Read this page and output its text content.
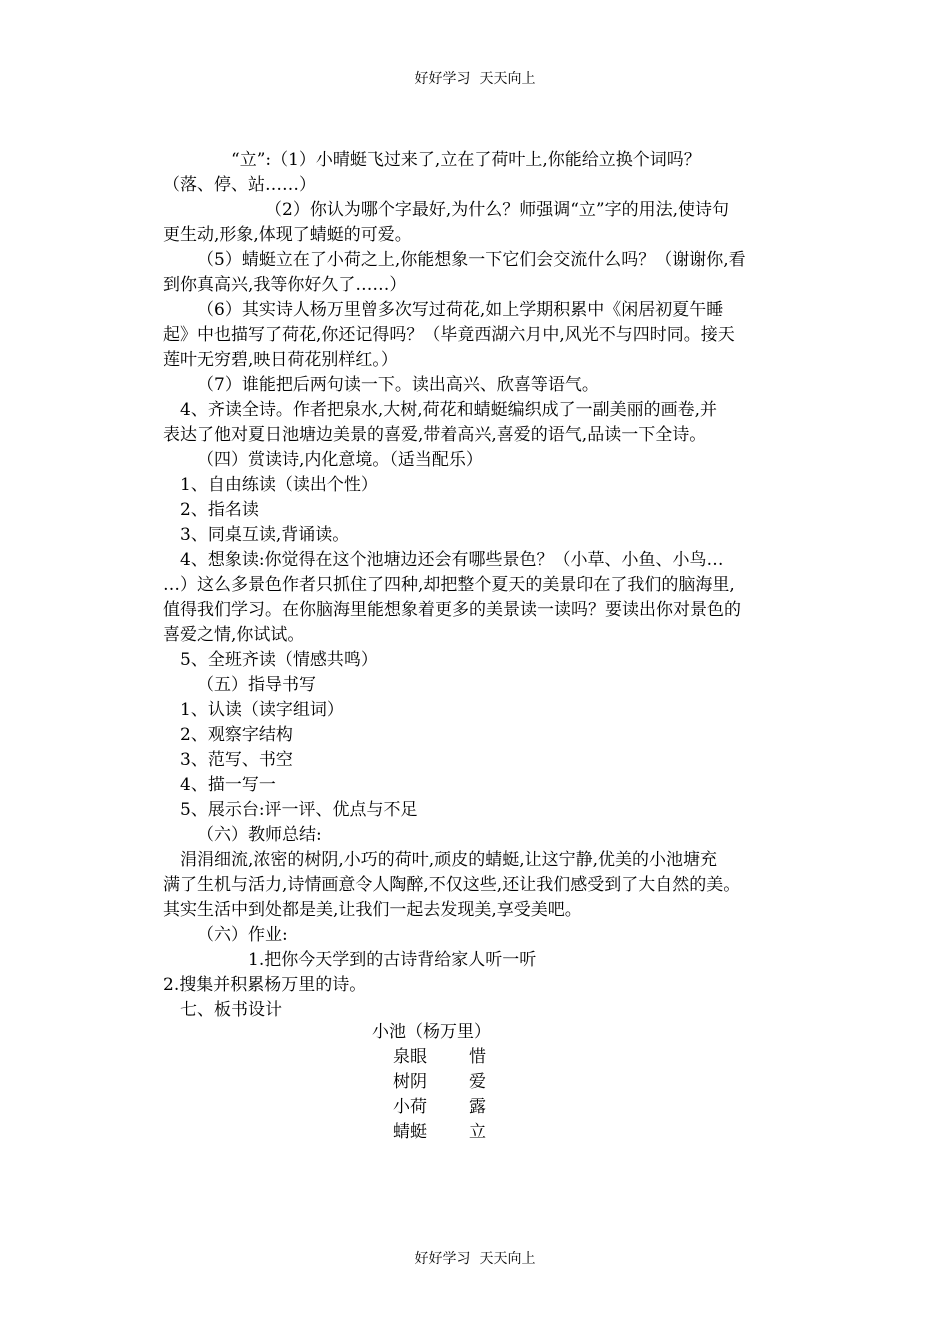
好好学习  天天向上
“立”:（1）小晴蜓飞过来了,立在了荷叶上,你能给立换个词吗？
（落、停、站……）
（2）你认为哪个字最好,为什么？师强调“立”字的用法,使诗句
更生动,形象,体现了蜻蜓的可爱。
（5）蜻蜓立在了小荷之上,你能想象一下它们会交流什么吗？（谢谢你,看
到你真高兴,我等你好久了……）
（6）其实诗人杨万里曾多次写过荷花,如上学期积累中《闲居初夏午睡
起》中也描写了荷花,你还记得吗？（毕竟西湖六月中,风光不与四时同。接天
莲叶无穷碧,映日荷花别样红。）
（7）谁能把后两句读一下。读出高兴、欣喜等语气。
4、齐读全诗。作者把泉水,大树,荷花和蜻蜓编织成了一副美丽的画卷,并
表达了他对夏日池塘边美景的喜爱,带着高兴,喜爱的语气,品读一下全诗。
（四）赏读诗,内化意境。（适当配乐）
1、自由练读（读出个性）
2、指名读
3、同桌互读,背诵读。
4、想象读:你觉得在这个池塘边还会有哪些景色？（小草、小鱼、小鸟…
…）这么多景色作者只抓住了四种,却把整个夏天的美景印在了我们的脑海里,
值得我们学习。在你脑海里能想象着更多的美景读一读吗？要读出你对景色的
喜爱之情,你试试。
5、全班齐读（情感共鸣）
（五）指导书写
1、认读（读字组词）
2、观察字结构
3、范写、书空
4、描一写一
5、展示台:评一评、优点与不足
（六）教师总结:
涓涓细流,浓密的树阴,小巧的荷叶,顽皮的蜻蜓,让这宁静,优美的小池塘充
满了生机与活力,诗情画意令人陶醉,不仅这些,还让我们感受到了大自然的美。
其实生活中到处都是美,让我们一起去发现美,享受美吧。
（六）作业:
1.把你今天学到的古诗背给家人听一听
2.搜集并积累杨万里的诗。
七、板书设计
小池（杨万里）
泉眼 惜
树阴 爱
小荷 露
蜻蜓 立
好好学习  天天向上
